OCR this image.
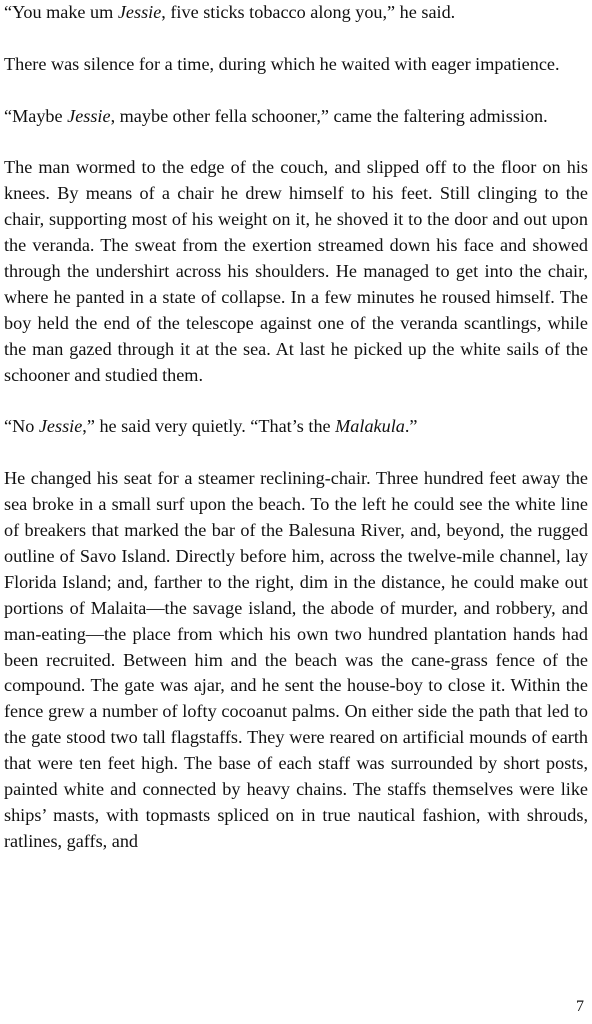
“You make um Jessie, five sticks tobacco along you,” he said.

There was silence for a time, during which he waited with eager impatience.

“Maybe Jessie, maybe other fella schooner,” came the faltering admission.

The man wormed to the edge of the couch, and slipped off to the floor on his knees. By means of a chair he drew himself to his feet. Still clinging to the chair, supporting most of his weight on it, he shoved it to the door and out upon the veranda. The sweat from the exertion streamed down his face and showed through the undershirt across his shoulders. He managed to get into the chair, where he panted in a state of collapse. In a few minutes he roused himself. The boy held the end of the telescope against one of the veranda scantlings, while the man gazed through it at the sea. At last he picked up the white sails of the schooner and studied them.

“No Jessie,” he said very quietly. “That’s the Malakula.”

He changed his seat for a steamer reclining-chair. Three hundred feet away the sea broke in a small surf upon the beach. To the left he could see the white line of breakers that marked the bar of the Balesuna River, and, beyond, the rugged outline of Savo Island. Directly before him, across the twelve-mile channel, lay Florida Island; and, farther to the right, dim in the distance, he could make out portions of Malaita—the savage island, the abode of murder, and robbery, and man-eating—the place from which his own two hundred plantation hands had been recruited. Between him and the beach was the cane-grass fence of the compound. The gate was ajar, and he sent the house-boy to close it. Within the fence grew a number of lofty cocoanut palms. On either side the path that led to the gate stood two tall flagstaffs. They were reared on artificial mounds of earth that were ten feet high. The base of each staff was surrounded by short posts, painted white and connected by heavy chains. The staffs themselves were like ships’ masts, with topmasts spliced on in true nautical fashion, with shrouds, ratlines, gaffs, and

7
